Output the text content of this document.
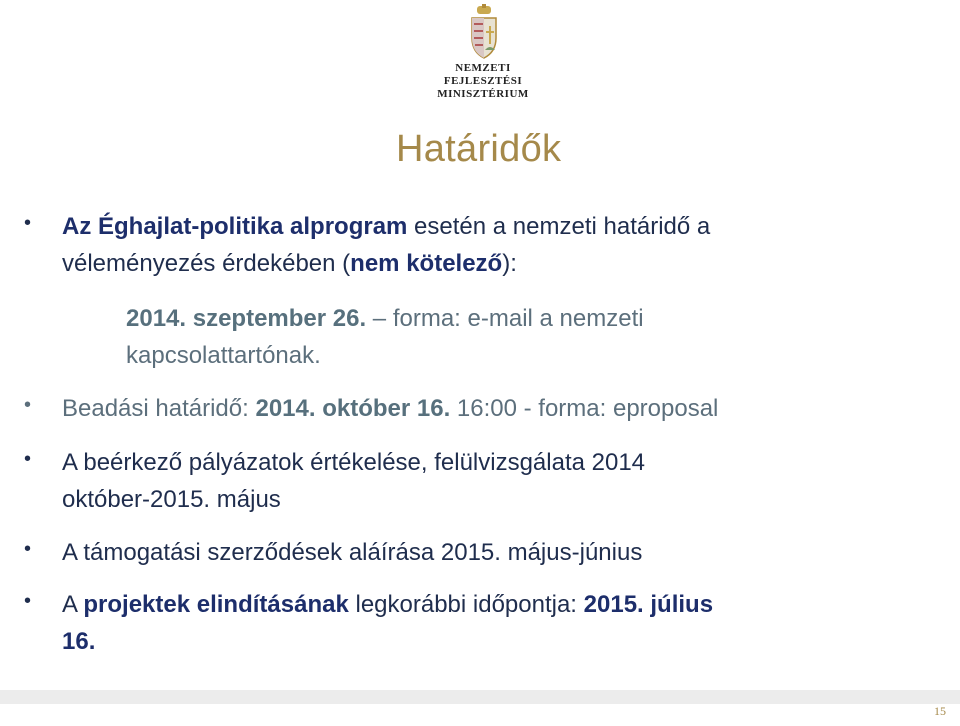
NEMZETI FEJLESZTÉSI
MINISZTÉRIUM
Határidők
• Az Éghajlat-politika alprogram esetén a nemzeti határidő a
véleményezés érdekében (nem kötelező):
2014. szeptember 26. – forma: e-mail a nemzeti
kapcsolattartónak.
• Beadási határidő: 2014. október 16. 16:00 - forma: eproposal
• A beérkező pályázatok értékelése, felülvizsgálata 2014
október-2015. május
• A támogatási szerződések aláírása 2015. május-június
• A projektek elindításának legkorábbi időpontja: 2015. július
16.
15
